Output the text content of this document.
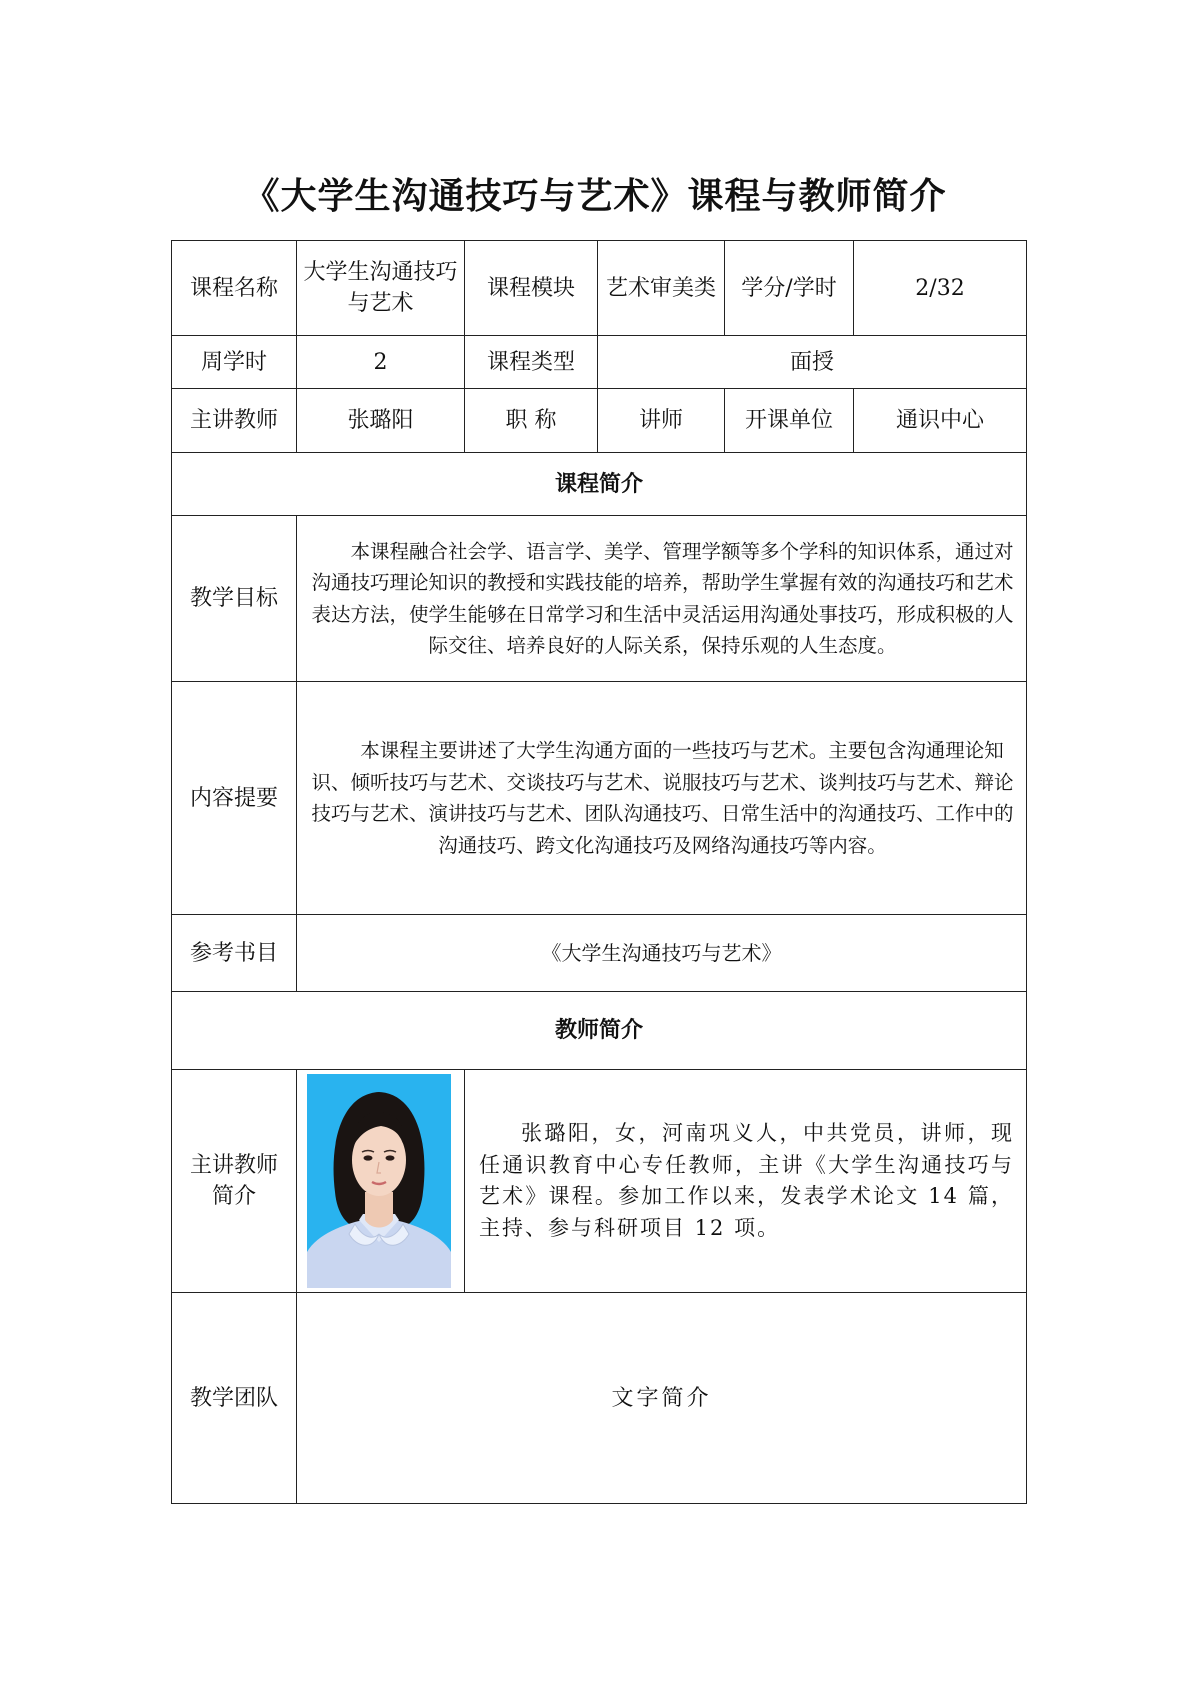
《大学生沟通技巧与艺术》课程与教师简介
课程名称	大学生沟通技巧与艺术	课程模块	艺术审美类	学分/学时	2/32
周学时	2	课程类型	面授		
主讲教师	张璐阳	职 称	讲师	开课单位	通识中心
课程简介					
教学目标	本课程融合社会学、语言学、美学、管理学额等多个学科的知识体系，通过对沟通技巧理论知识的教授和实践技能的培养，帮助学生掌握有效的沟通技巧和艺术表达方法，使学生能够在日常学习和生活中灵活运用沟通处事技巧，形成积极的人际交往、培养良好的人际关系，保持乐观的人生态度。				

内容提要	本课程主要讲述了大学生沟通方面的一些技巧与艺术。主要包含沟通理论知识、倾听技巧与艺术、交谈技巧与艺术、说服技巧与艺术、谈判技巧与艺术、辩论技巧与艺术、演讲技巧与艺术、团队沟通技巧、日常生活中的沟通技巧、工作中的沟通技巧、跨文化沟通技巧及网络沟通技巧等内容。				

参考书目	《大学生沟通技巧与艺术》				
教师简介					
主讲教师简介		张璐阳，女，河南巩义人，中共党员，讲师，现任通识教育中心专任教师，主讲《大学生沟通技巧与艺术》课程。参加工作以来，发表学术论文 14 篇，主持、参与科研项目 12 项。			

教学团队	文字简介				
